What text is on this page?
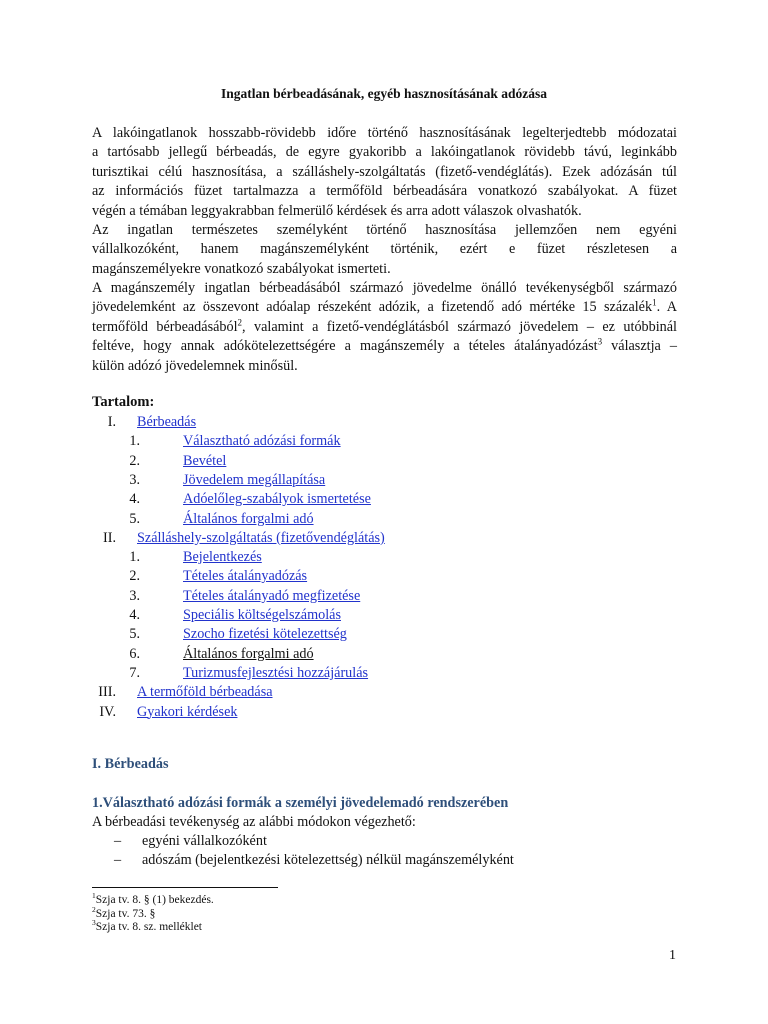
Ingatlan bérbeadásának, egyéb hasznosításának adózása
A lakóingatlanok hosszabb-rövidebb időre történő hasznosításának legelterjedtebb módozatai
a tartósabb jellegű bérbeadás, de egyre gyakoribb a lakóingatlanok rövidebb távú, leginkább
turisztikai célú hasznosítása, a szálláshely-szolgáltatás (fizető-vendéglátás). Ezek adózásán túl
az információs füzet tartalmazza a termőföld bérbeadására vonatkozó szabályokat. A füzet
végén a témában leggyakrabban felmerülő kérdések és arra adott válaszok olvashatók.
Az ingatlan természetes személyként történő hasznosítása jellemzően nem egyéni
vállalkozóként, hanem magánszemélyként történik, ezért e füzet részletesen a
magánszemélyekre vonatkozó szabályokat ismerteti.
A magánszemély ingatlan bérbeadásából származó jövedelme önálló tevékenységből származó
jövedelemként az összevont adóalap részeként adózik, a fizetendő adó mértéke 15 százalék$^1$. A
termőföld bérbeadásából$^2$, valamint a fizető-vendéglátásból származó jövedelem – ez utóbbinál
feltéve, hogy annak adókötelezettségére a magánszemély a tételes átalányadózást$^3$ választja –
külön adózó jövedelemnek minősül.
Tartalom:
I. Bérbeadás
1.	Választható adózási formák
2.	Bevétel
3.	Jövedelem megállapítása
4.	Adóelőleg-szabályok ismertetése
5.	Általános forgalmi adó
II. Szálláshely-szolgáltatás (fizetővendéglátás)
1.	Bejelentkezés
2.	Tételes átalányadózás
3.	Tételes átalányadó megfizetése
4.	Speciális költségelszámolás
5.	Szocho fizetési kötelezettség
6.	Általános forgalmi adó
7.	Turizmusfejlesztési hozzájárulás
III. A termőföld bérbeadása
IV. Gyakori kérdések
I. Bérbeadás
1.Választható adózási formák a személyi jövedelemadó rendszerében
A bérbeadási tevékenység az alábbi módokon végezhető:
– egyéni vállalkozóként
– adószám (bejelentkezési kötelezettség) nélkül magánszemélyként
$^1$Szja tv. 8. § (1) bekezdés.
$^2$Szja tv. 73. §
$^3$Szja tv. 8. sz. melléklet
1
